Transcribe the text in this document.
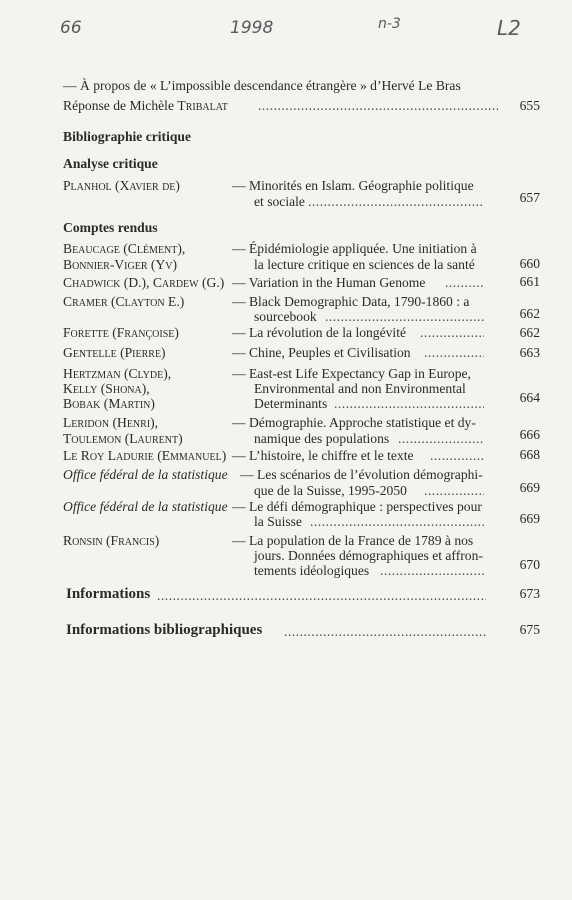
66	1998	n-3	L2
— À propos de « L’impossible descendance étrangère » d’Hervé Le Bras
Réponse de Michèle Tribalat .....	655
Bibliographie critique
Analyse critique
Planhol (Xavier de)	— Minorités en Islam. Géographie politique
et sociale .....	657
Comptes rendus
Beaucage (Clément),
Bonnier-Viger (Yv)
— Épidémiologie appliquée. Une initiation à
la lecture critique en sciences de la santé	660
Chadwick (D.), Cardew (G.) — Variation in the Human Genome .....	661
Cramer (Clayton E.)	— Black Demographic Data, 1790-1860 : a
sourcebook .....	662
Forette (Françoise)	— La révolution de la longévité .....	662
Gentelle (Pierre)	— Chine, Peuples et Civilisation .....	663
Hertzman (Clyde),
Kelly (Shona),
Bobak (Martin)
— East-est Life Expectancy Gap in Europe,
Environmental and non Environmental
Determinants .....	664
Leridon (Henri),
Toulemon (Laurent)
— Démographie. Approche statistique et dy-
namique des populations .....	666
Le Roy Ladurie (Emmanuel) — L’histoire, le chiffre et le texte .....	668
Office fédéral de la statistique — Les scénarios de l’évolution démographi-
que de la Suisse, 1995-2050 .....	669
Office fédéral de la statistique — Le défi démographique : perspectives pour
la Suisse .....	669
Ronsin (Francis)	— La population de la France de 1789 à nos
jours. Données démographiques et affron-
tements idéologiques .....	670
Informations .....	673
Informations bibliographiques .....	675
